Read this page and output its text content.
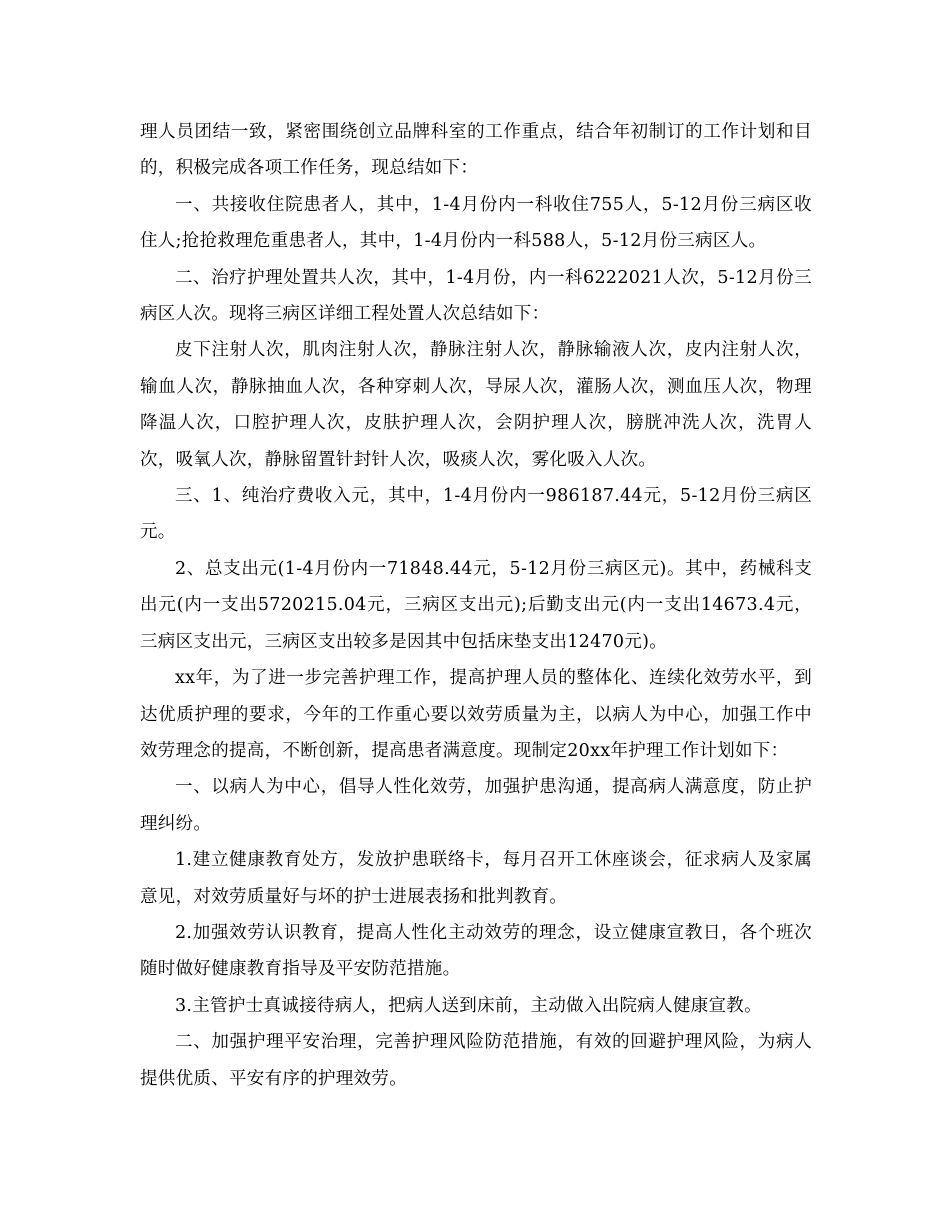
理人员团结一致，紧密围绕创立品牌科室的工作重点，结合年初制订的工作计划和目的，积极完成各项工作任务，现总结如下：

一、共接收住院患者人，其中，1-4月份内一科收住755人，5-12月份三病区收住人;抢抢救理危重患者人，其中，1-4月份内一科588人，5-12月份三病区人。

二、治疗护理处置共人次，其中，1-4月份，内一科6222021人次，5-12月份三病区人次。现将三病区详细工程处置人次总结如下：

皮下注射人次，肌肉注射人次，静脉注射人次，静脉输液人次，皮内注射人次，输血人次，静脉抽血人次，各种穿刺人次，导尿人次，灌肠人次，测血压人次，物理降温人次，口腔护理人次，皮肤护理人次，会阴护理人次，膀胱冲洗人次，洗胃人次，吸氧人次，静脉留置针封针人次，吸痰人次，雾化吸入人次。

三、1、纯治疗费收入元，其中，1-4月份内一986187.44元，5-12月份三病区元。

2、总支出元(1-4月份内一71848.44元，5-12月份三病区元)。其中，药械科支出元(内一支出5720215.04元，三病区支出元);后勤支出元(内一支出14673.4元，三病区支出元，三病区支出较多是因其中包括床垫支出12470元)。

xx年，为了进一步完善护理工作，提高护理人员的整体化、连续化效劳水平，到达优质护理的要求，今年的工作重心要以效劳质量为主，以病人为中心，加强工作中效劳理念的提高，不断创新，提高患者满意度。现制定20xx年护理工作计划如下：

一、以病人为中心，倡导人性化效劳，加强护患沟通，提高病人满意度，防止护理纠纷。

1.建立健康教育处方，发放护患联络卡，每月召开工休座谈会，征求病人及家属意见，对效劳质量好与坏的护士进展表扬和批判教育。

2.加强效劳认识教育，提高人性化主动效劳的理念，设立健康宣教日，各个班次随时做好健康教育指导及平安防范措施。

3.主管护士真诚接待病人，把病人送到床前，主动做入出院病人健康宣教。

二、加强护理平安治理，完善护理风险防范措施，有效的回避护理风险，为病人提供优质、平安有序的护理效劳。
